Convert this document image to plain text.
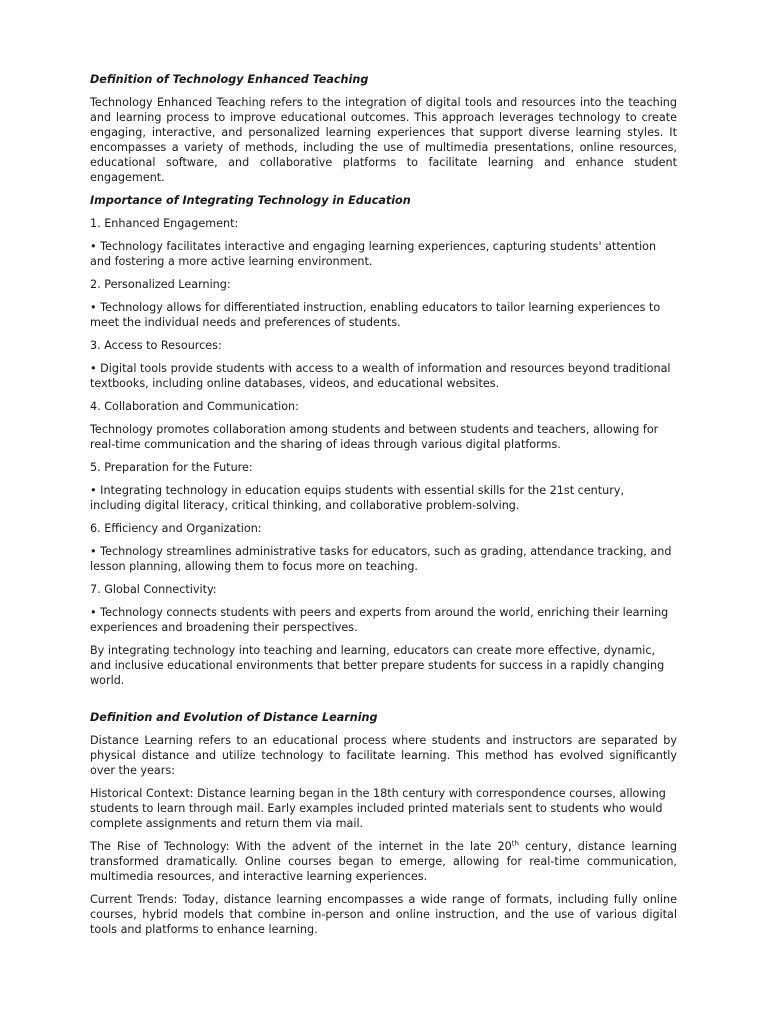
Definition of Technology Enhanced Teaching

Technology Enhanced Teaching refers to the integration of digital tools and resources into the teaching and learning process to improve educational outcomes. This approach leverages technology to create engaging, interactive, and personalized learning experiences that support diverse learning styles. It encompasses a variety of methods, including the use of multimedia presentations, online resources, educational software, and collaborative platforms to facilitate learning and enhance student engagement.

Importance of Integrating Technology in Education

1. Enhanced Engagement:

• Technology facilitates interactive and engaging learning experiences, capturing students' attention and fostering a more active learning environment.

2. Personalized Learning:

• Technology allows for differentiated instruction, enabling educators to tailor learning experiences to meet the individual needs and preferences of students.

3. Access to Resources:

• Digital tools provide students with access to a wealth of information and resources beyond traditional textbooks, including online databases, videos, and educational websites.

4. Collaboration and Communication:

Technology promotes collaboration among students and between students and teachers, allowing for real-time communication and the sharing of ideas through various digital platforms.

5. Preparation for the Future:

• Integrating technology in education equips students with essential skills for the 21st century, including digital literacy, critical thinking, and collaborative problem-solving.

6. Efficiency and Organization:

• Technology streamlines administrative tasks for educators, such as grading, attendance tracking, and lesson planning, allowing them to focus more on teaching.

7. Global Connectivity:

• Technology connects students with peers and experts from around the world, enriching their learning experiences and broadening their perspectives.

By integrating technology into teaching and learning, educators can create more effective, dynamic, and inclusive educational environments that better prepare students for success in a rapidly changing world.

Definition and Evolution of Distance Learning

Distance Learning refers to an educational process where students and instructors are separated by physical distance and utilize technology to facilitate learning. This method has evolved significantly over the years:

Historical Context: Distance learning began in the 18th century with correspondence courses, allowing students to learn through mail. Early examples included printed materials sent to students who would complete assignments and return them via mail.

The Rise of Technology: With the advent of the internet in the late 20th century, distance learning transformed dramatically. Online courses began to emerge, allowing for real-time communication, multimedia resources, and interactive learning experiences.

Current Trends: Today, distance learning encompasses a wide range of formats, including fully online courses, hybrid models that combine in-person and online instruction, and the use of various digital tools and platforms to enhance learning.
